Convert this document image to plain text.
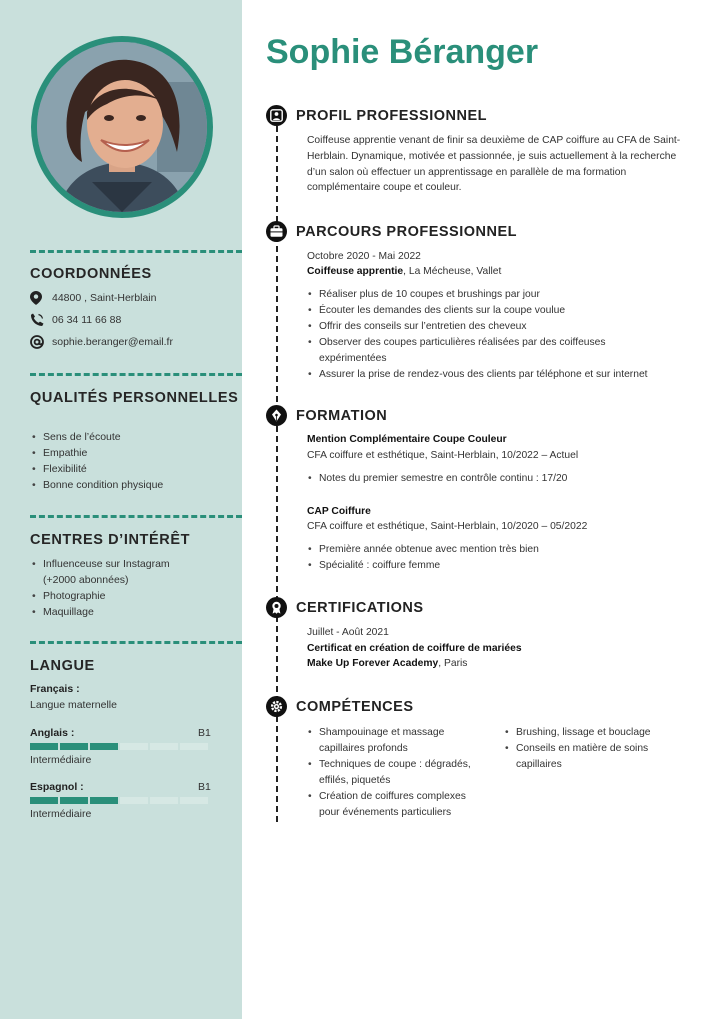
COORDONNÉES
44800 , Saint-Herblain
06 34 11 66 88
sophie.beranger@email.fr
QUALITÉS PERSONNELLES
• Sens de l’écoute
• Empathie
• Flexibilité
• Bonne condition physique
CENTRES D’INTÉRÊT
• Influenceuse sur Instagram
(+2000 abonnées)
• Photographie
• Maquillage
LANGUE
Français :
Langue maternelle
Anglais :	B1
Intermédiaire
Espagnol :	B1
Intermédiaire
Sophie Béranger
PROFIL PROFESSIONNEL
Coiffeuse apprentie venant de finir sa deuxième de CAP coiffure au CFA de Saint-Herblain. Dynamique, motivée et passionnée, je suis actuellement à la recherche d’un salon où effectuer un apprentissage en parallèle de ma formation complémentaire coupe et couleur.
PARCOURS PROFESSIONNEL
Octobre 2020 - Mai 2022
Coiffeuse apprentie, La Mécheuse, Vallet
• Réaliser plus de 10 coupes et brushings par jour
• Écouter les demandes des clients sur la coupe voulue
• Offrir des conseils sur l’entretien des cheveux
• Observer des coupes particulières réalisées par des coiffeuses
expérimentées
• Assurer la prise de rendez-vous des clients par téléphone et sur internet
FORMATION
Mention Complémentaire Coupe Couleur
CFA coiffure et esthétique, Saint-Herblain, 10/2022 – Actuel
• Notes du premier semestre en contrôle continu : 17/20
CAP Coiffure
CFA coiffure et esthétique, Saint-Herblain, 10/2020 – 05/2022
• Première année obtenue avec mention très bien
• Spécialité : coiffure femme
CERTIFICATIONS
Juillet - Août 2021
Certificat en création de coiffure de mariées
Make Up Forever Academy, Paris
COMPÉTENCES
• Shampouinage et massage
capillaires profonds
• Techniques de coupe : dégradés,
effilés, piquetés
• Création de coiffures complexes
pour événements particuliers
• Brushing, lissage et bouclage
• Conseils en matière de soins
capillaires
